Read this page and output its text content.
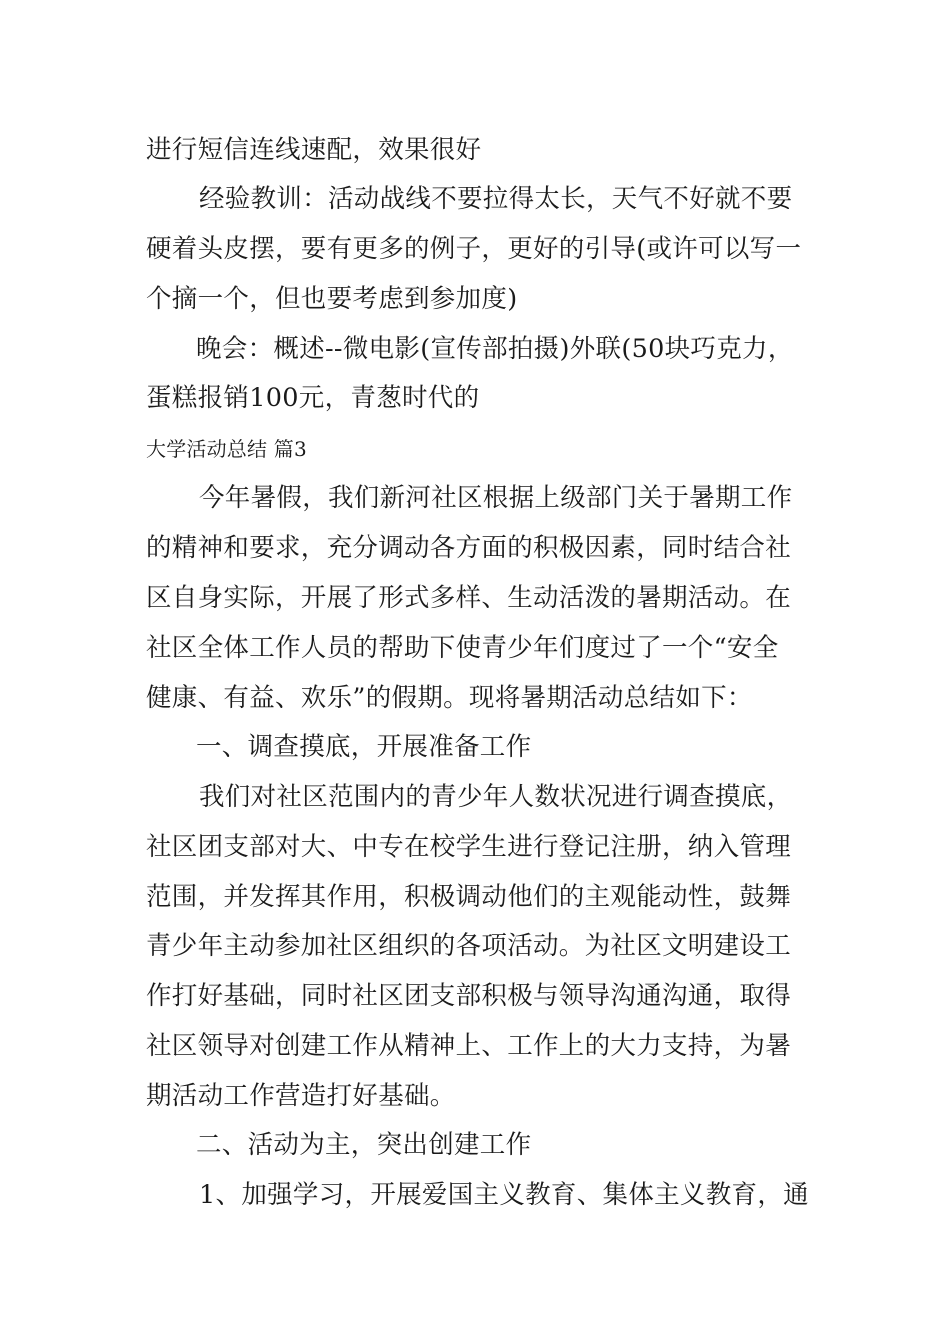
进行短信连线速配，效果很好
经验教训：活动战线不要拉得太长，天气不好就不要
硬着头皮摆，要有更多的例子，更好的引导(或许可以写一
个摘一个，但也要考虑到参加度)
晚会：概述--微电影(宣传部拍摄)外联(50块巧克力，
蛋糕报销100元，青葱时代的
大学活动总结 篇3
今年暑假，我们新河社区根据上级部门关于暑期工作
的精神和要求，充分调动各方面的积极因素，同时结合社
区自身实际，开展了形式多样、生动活泼的暑期活动。在
社区全体工作人员的帮助下使青少年们度过了一个“安全
健康、有益、欢乐”的假期。现将暑期活动总结如下：
一、调查摸底，开展准备工作
我们对社区范围内的青少年人数状况进行调查摸底，
社区团支部对大、中专在校学生进行登记注册，纳入管理
范围，并发挥其作用，积极调动他们的主观能动性，鼓舞
青少年主动参加社区组织的各项活动。为社区文明建设工
作打好基础，同时社区团支部积极与领导沟通沟通，取得
社区领导对创建工作从精神上、工作上的大力支持，为暑
期活动工作营造打好基础。
二、活动为主，突出创建工作
1、加强学习，开展爱国主义教育、集体主义教育，通
